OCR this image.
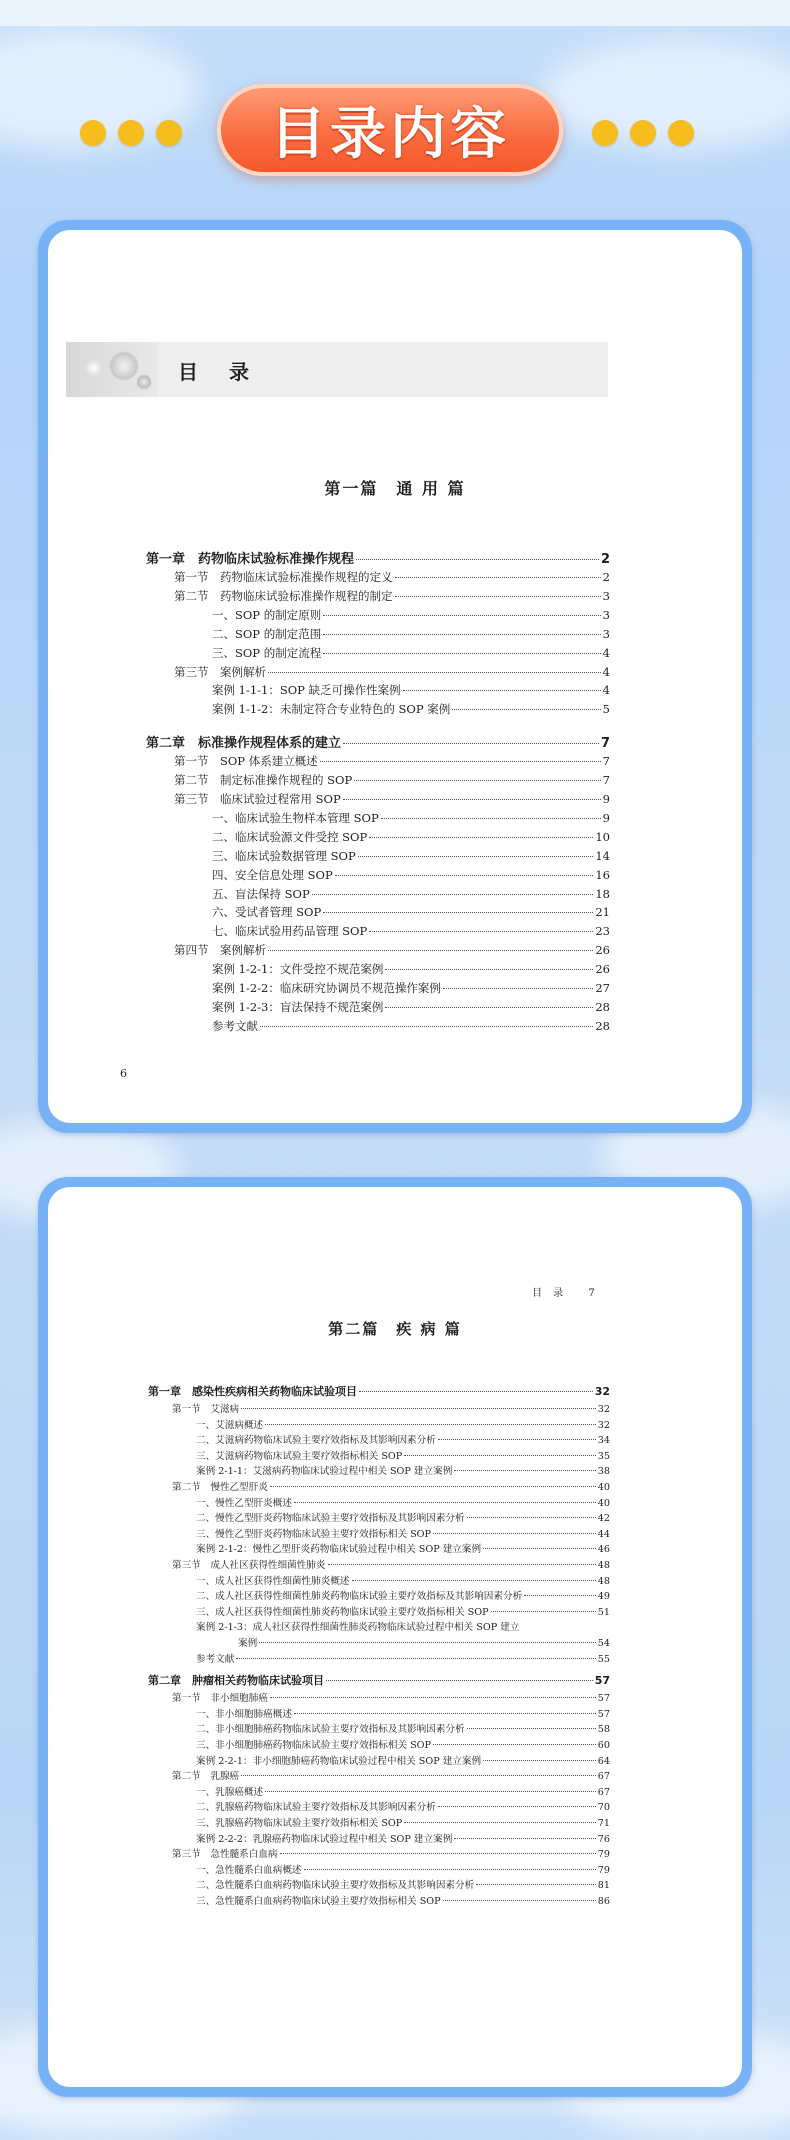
目录内容
目 录
第一篇　通 用 篇
第一章　药物临床试验标准操作规程	2
第一节　药物临床试验标准操作规程的定义	2
第二节　药物临床试验标准操作规程的制定	3
一、SOP 的制定原则	3
二、SOP 的制定范围	3
三、SOP 的制定流程	4
第三节　案例解析	4
案例 1-1-1：SOP 缺乏可操作性案例	4
案例 1-1-2：未制定符合专业特色的 SOP 案例	5
第二章　标准操作规程体系的建立	7
第一节　SOP 体系建立概述	7
第二节　制定标准操作规程的 SOP	7
第三节　临床试验过程常用 SOP	9
一、临床试验生物样本管理 SOP	9
二、临床试验源文件受控 SOP	10
三、临床试验数据管理 SOP	14
四、安全信息处理 SOP	16
五、盲法保持 SOP	18
六、受试者管理 SOP	21
七、临床试验用药品管理 SOP	23
第四节　案例解析	26
案例 1-2-1：文件受控不规范案例	26
案例 1-2-2：临床研究协调员不规范操作案例	27
案例 1-2-3：盲法保持不规范案例	28
参考文献	28
6
目 录 7
第二篇　疾 病 篇
第一章　感染性疾病相关药物临床试验项目	32
第一节　艾滋病	32
一、艾滋病概述	32
二、艾滋病药物临床试验主要疗效指标及其影响因素分析	34
三、艾滋病药物临床试验主要疗效指标相关 SOP	35
案例 2-1-1：艾滋病药物临床试验过程中相关 SOP 建立案例	38
第二节　慢性乙型肝炎	40
一、慢性乙型肝炎概述	40
二、慢性乙型肝炎药物临床试验主要疗效指标及其影响因素分析	42
三、慢性乙型肝炎药物临床试验主要疗效指标相关 SOP	44
案例 2-1-2：慢性乙型肝炎药物临床试验过程中相关 SOP 建立案例	46
第三节　成人社区获得性细菌性肺炎	48
一、成人社区获得性细菌性肺炎概述	48
二、成人社区获得性细菌性肺炎药物临床试验主要疗效指标及其影响因素分析	49
三、成人社区获得性细菌性肺炎药物临床试验主要疗效指标相关 SOP	51
案例 2-1-3：成人社区获得性细菌性肺炎药物临床试验过程中相关 SOP 建立
案例	54
参考文献	55
第二章　肿瘤相关药物临床试验项目	57
第一节　非小细胞肺癌	57
一、非小细胞肺癌概述	57
二、非小细胞肺癌药物临床试验主要疗效指标及其影响因素分析	58
三、非小细胞肺癌药物临床试验主要疗效指标相关 SOP	60
案例 2-2-1：非小细胞肺癌药物临床试验过程中相关 SOP 建立案例	64
第二节　乳腺癌	67
一、乳腺癌概述	67
二、乳腺癌药物临床试验主要疗效指标及其影响因素分析	70
三、乳腺癌药物临床试验主要疗效指标相关 SOP	71
案例 2-2-2：乳腺癌药物临床试验过程中相关 SOP 建立案例	76
第三节　急性髓系白血病	79
一、急性髓系白血病概述	79
二、急性髓系白血病药物临床试验主要疗效指标及其影响因素分析	81
三、急性髓系白血病药物临床试验主要疗效指标相关 SOP	86
